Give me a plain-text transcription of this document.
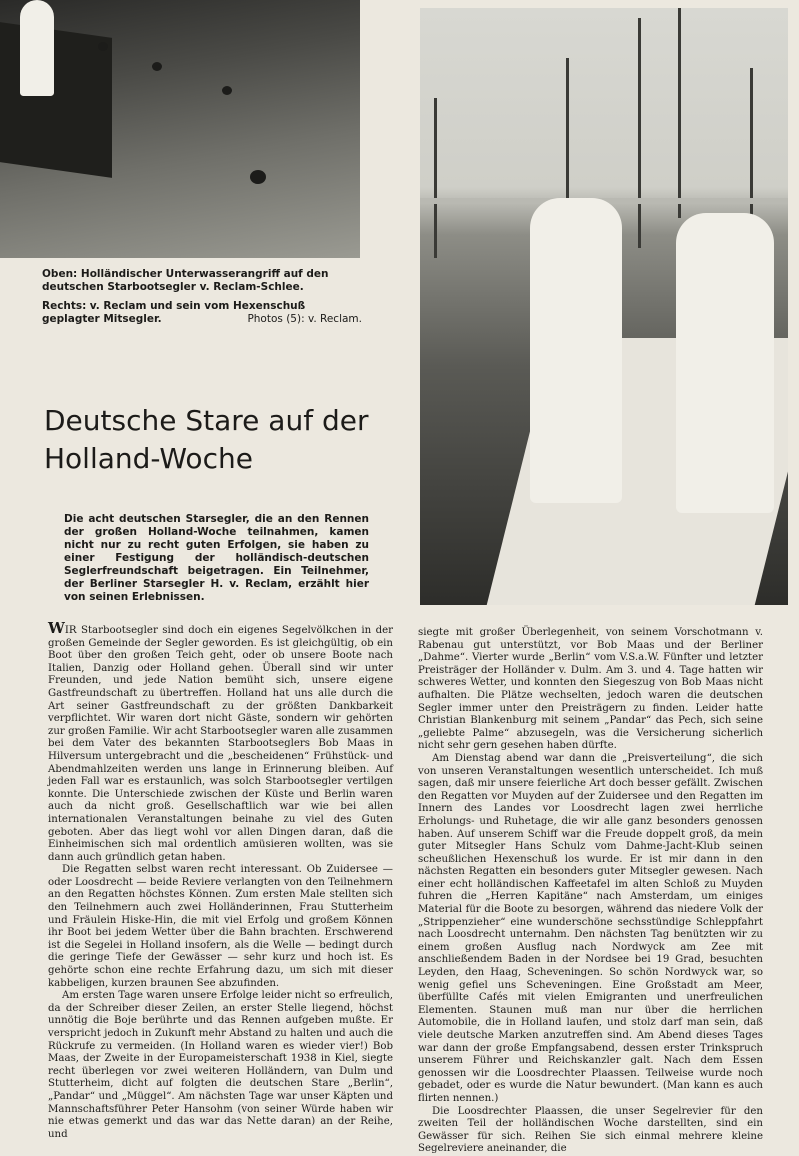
Oben: Holländischer Unterwasserangriff auf den deutschen Starbootsegler v. Reclam-Schlee.

Rechts: v. Reclam und sein vom Hexenschuß geplagter Mitsegler.	Photos (5): v. Reclam.

Deutsche Stare auf der Holland-Woche

Die acht deutschen Starsegler, die an den Rennen der großen Holland-Woche teilnahmen, kamen nicht nur zu recht guten Erfolgen, sie haben zu einer Festigung der holländisch-deutschen Seglerfreundschaft beigetragen. Ein Teilnehmer, der Berliner Starsegler H. v. Reclam, erzählt hier von seinen Erlebnissen.

WIR Starbootsegler sind doch ein eigenes Segelvölkchen in der großen Gemeinde der Segler geworden. Es ist gleichgültig, ob ein Boot über den großen Teich geht, oder ob unsere Boote nach Italien, Danzig oder Holland gehen. Überall sind wir unter Freunden, und jede Nation bemüht sich, unsere eigene Gastfreundschaft zu übertreffen. Holland hat uns alle durch die Art seiner Gastfreundschaft zu der größten Dankbarkeit verpflichtet. Wir waren dort nicht Gäste, sondern wir gehörten zur großen Familie. Wir acht Starbootsegler waren alle zusammen bei dem Vater des bekannten Starbootseglers Bob Maas in Hilversum untergebracht und die „bescheidenen“ Frühstück- und Abendmahlzeiten werden uns lange in Erinnerung bleiben. Auf jeden Fall war es erstaunlich, was solch Starbootsegler vertilgen konnte. Die Unterschiede zwischen der Küste und Berlin waren auch da nicht groß. Gesellschaftlich war wie bei allen internationalen Veranstaltungen beinahe zu viel des Guten geboten. Aber das liegt wohl vor allen Dingen daran, daß die Einheimischen sich mal ordentlich amüsieren wollten, was sie dann auch gründlich getan haben.

Die Regatten selbst waren recht interessant. Ob Zuidersee — oder Loosdrecht — beide Reviere verlangten von den Teilnehmern an den Regatten höchstes Können. Zum ersten Male stellten sich den Teilnehmern auch zwei Holländerinnen, Frau Stutterheim und Fräulein Hiske-Hin, die mit viel Erfolg und großem Können ihr Boot bei jedem Wetter über die Bahn brachten. Erschwerend ist die Segelei in Holland insofern, als die Welle — bedingt durch die geringe Tiefe der Gewässer — sehr kurz und hoch ist. Es gehörte schon eine rechte Erfahrung dazu, um sich mit dieser kabbeligen, kurzen braunen See abzufinden.

Am ersten Tage waren unsere Erfolge leider nicht so erfreulich, da der Schreiber dieser Zeilen, an erster Stelle liegend, höchst unnötig die Boje berührte und das Rennen aufgeben mußte. Er verspricht jedoch in Zukunft mehr Abstand zu halten und auch die Rückrufe zu vermeiden. (In Holland waren es wieder vier!) Bob Maas, der Zweite in der Europameisterschaft 1938 in Kiel, siegte recht überlegen vor zwei weiteren Holländern, van Dulm und Stutterheim, dicht auf folgten die deutschen Stare „Berlin“, „Pandar“ und „Müggel“. Am nächsten Tage war unser Käpten und Mannschaftsführer Peter Hansohm (von seiner Würde haben wir nie etwas gemerkt und das war das Nette daran) an der Reihe, und

siegte mit großer Überlegenheit, von seinem Vorschotmann v. Rabenau gut unterstützt, vor Bob Maas und der Berliner „Dahme“. Vierter wurde „Berlin“ vom V.S.a.W. Fünfter und letzter Preisträger der Holländer v. Dulm. Am 3. und 4. Tage hatten wir schweres Wetter, und konnten den Siegeszug von Bob Maas nicht aufhalten. Die Plätze wechselten, jedoch waren die deutschen Segler immer unter den Preisträgern zu finden. Leider hatte Christian Blankenburg mit seinem „Pandar“ das Pech, sich seine „geliebte Palme“ abzusegeln, was die Versicherung sicherlich nicht sehr gern gesehen haben dürfte.

Am Dienstag abend war dann die „Preisverteilung“, die sich von unseren Veranstaltungen wesentlich unterscheidet. Ich muß sagen, daß mir unsere feierliche Art doch besser gefällt. Zwischen den Regatten vor Muyden auf der Zuidersee und den Regatten im Innern des Landes vor Loosdrecht lagen zwei herrliche Erholungs- und Ruhetage, die wir alle ganz besonders genossen haben. Auf unserem Schiff war die Freude doppelt groß, da mein guter Mitsegler Hans Schulz vom Dahme-Jacht-Klub seinen scheußlichen Hexenschuß los wurde. Er ist mir dann in den nächsten Regatten ein besonders guter Mitsegler gewesen. Nach einer echt holländischen Kaffeetafel im alten Schloß zu Muyden fuhren die „Herren Kapitäne“ nach Amsterdam, um einiges Material für die Boote zu besorgen, während das niedere Volk der „Strippenzieher“ eine wunderschöne sechsstündige Schleppfahrt nach Loosdrecht unternahm. Den nächsten Tag benützten wir zu einem großen Ausflug nach Nordwyck am Zee mit anschließendem Baden in der Nordsee bei 19 Grad, besuchten Leyden, den Haag, Scheveningen. So schön Nordwyck war, so wenig gefiel uns Scheveningen. Eine Großstadt am Meer, überfüllte Cafés mit vielen Emigranten und unerfreulichen Elementen. Staunen muß man nur über die herrlichen Automobile, die in Holland laufen, und stolz darf man sein, daß viele deutsche Marken anzutreffen sind. Am Abend dieses Tages war dann der große Empfangsabend, dessen erster Trinkspruch unserem Führer und Reichskanzler galt. Nach dem Essen genossen wir die Loosdrechter Plaassen. Teilweise wurde noch gebadet, oder es wurde die Natur bewundert. (Man kann es auch flirten nennen.)

Die Loosdrechter Plaassen, die unser Segelrevier für den zweiten Teil der holländischen Woche darstellten, sind ein Gewässer für sich. Reihen Sie sich einmal mehrere kleine Segelreviere aneinander, die
